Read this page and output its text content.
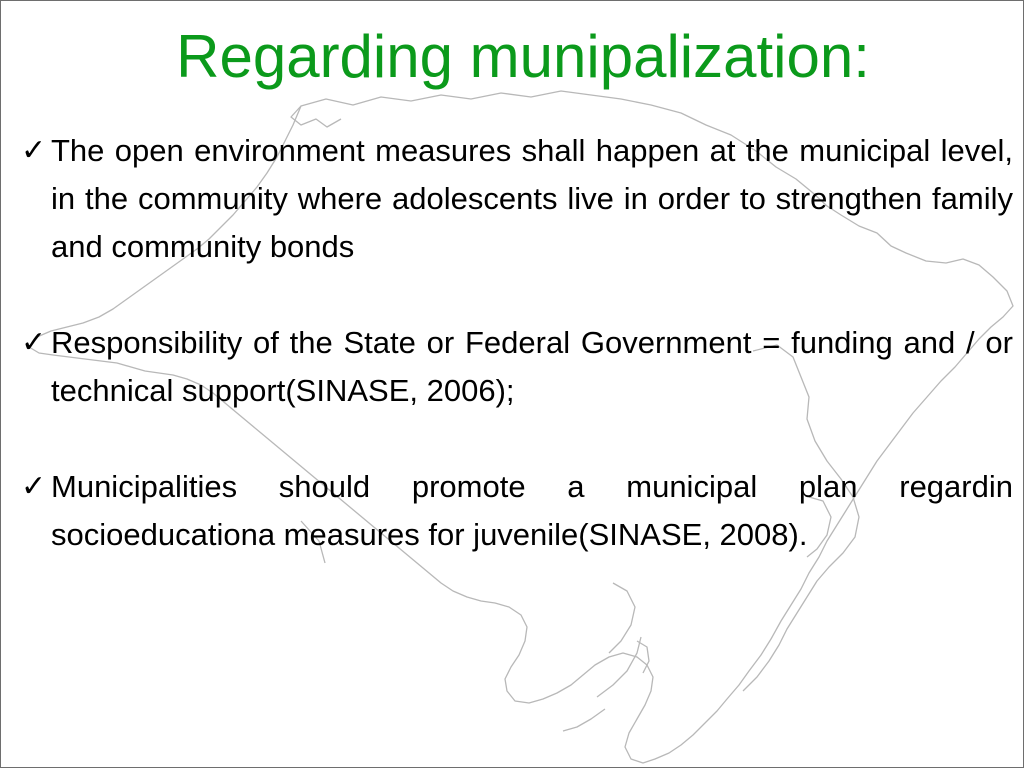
Regarding munipalization:
✓ The open environment measures shall happen at the municipal level, in the community where adolescents live in order to strengthen family and community bonds
✓ Responsibility of the State or Federal Government = funding and / or technical support(SINASE, 2006);
✓ Municipalities should promote a municipal plan regardin socioeducationa measures for juvenile(SINASE, 2008).
